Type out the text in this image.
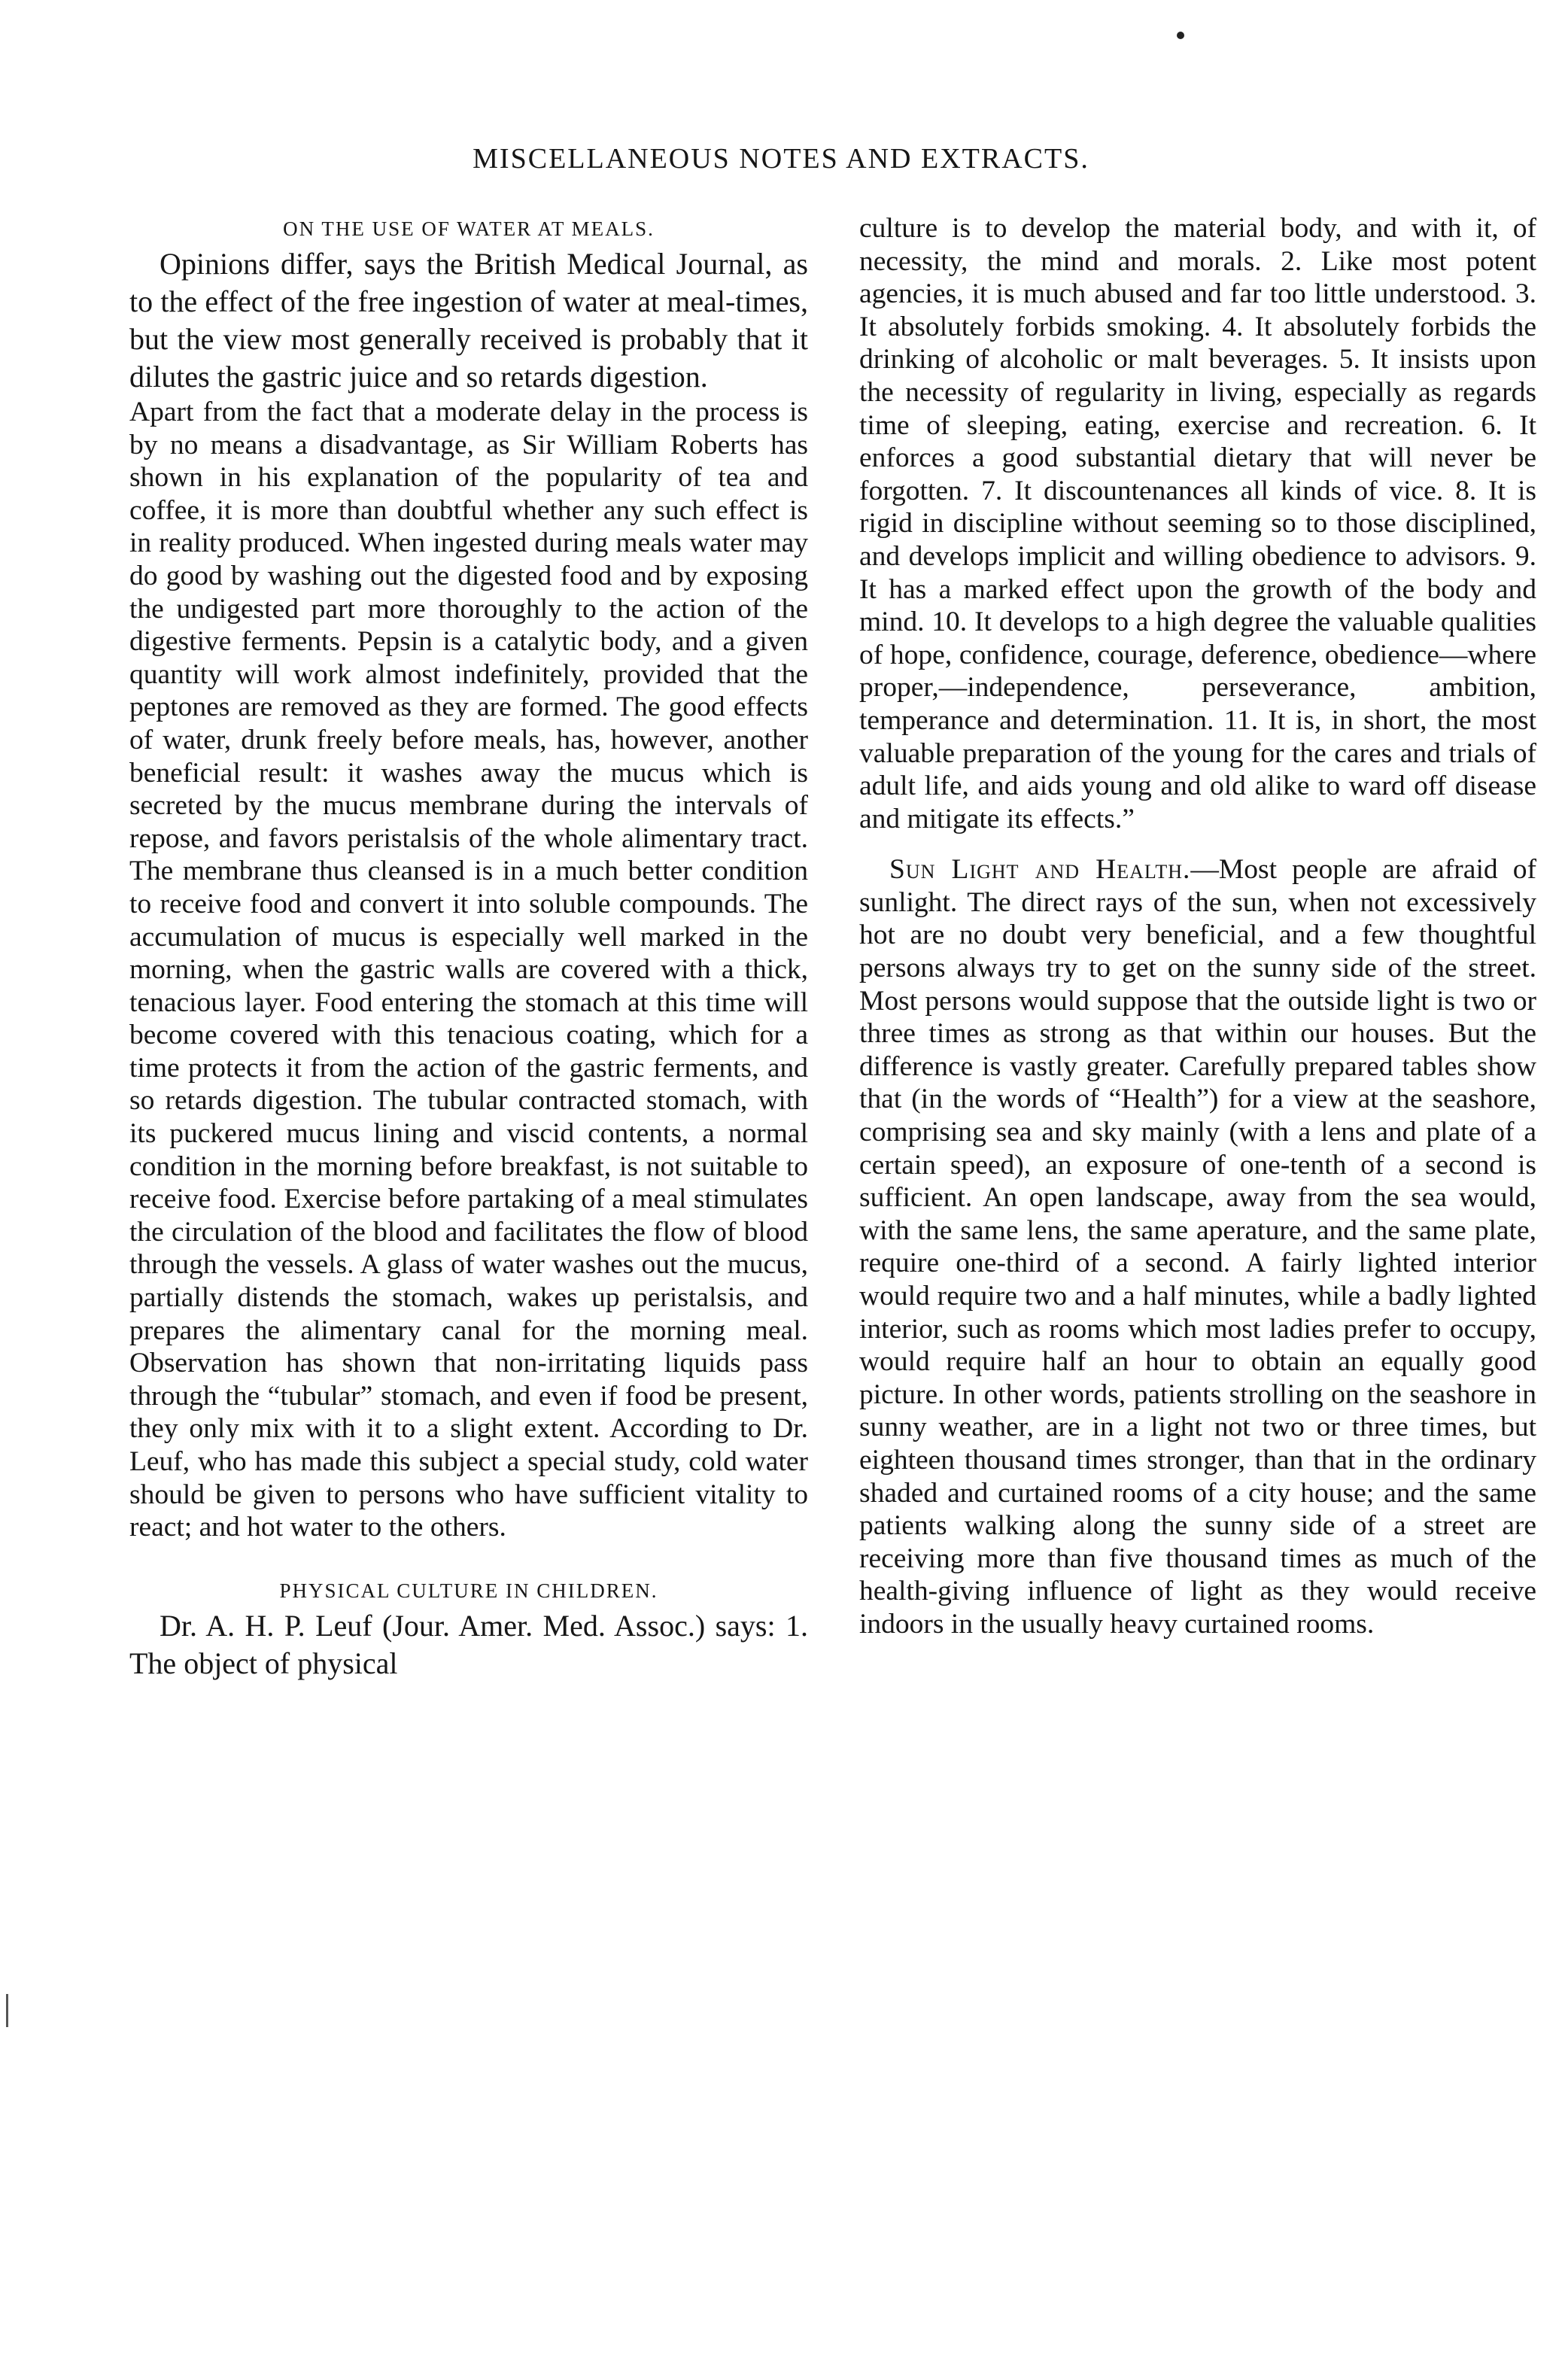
MISCELLANEOUS NOTES AND EXTRACTS.

ON THE USE OF WATER AT MEALS.

Opinions differ, says the British Medical Journal, as to the effect of the free ingestion of water at meal-times, but the view most generally received is probably that it dilutes the gastric juice and so retards digestion.

Apart from the fact that a moderate delay in the process is by no means a disadvantage, as Sir William Roberts has shown in his explanation of the popularity of tea and coffee, it is more than doubtful whether any such effect is in reality produced. When ingested during meals water may do good by washing out the digested food and by exposing the undigested part more thoroughly to the action of the digestive ferments. Pepsin is a catalytic body, and a given quantity will work almost indefinitely, provided that the peptones are removed as they are formed. The good effects of water, drunk freely before meals, has, however, another beneficial result: it washes away the mucus which is secreted by the mucus membrane during the intervals of repose, and favors peristalsis of the whole alimentary tract. The membrane thus cleansed is in a much better condition to receive food and convert it into soluble compounds. The accumulation of mucus is especially well marked in the morning, when the gastric walls are covered with a thick, tenacious layer. Food entering the stomach at this time will become covered with this tenacious coating, which for a time protects it from the action of the gastric ferments, and so retards digestion. The tubular contracted stomach, with its puckered mucus lining and viscid contents, a normal condition in the morning before breakfast, is not suitable to receive food. Exercise before partaking of a meal stimulates the circulation of the blood and facilitates the flow of blood through the vessels. A glass of water washes out the mucus, partially distends the stomach, wakes up peristalsis, and prepares the alimentary canal for the morning meal. Observation has shown that non-irritating liquids pass through the “tubular” stomach, and even if food be present, they only mix with it to a slight extent. According to Dr. Leuf, who has made this subject a special study, cold water should be given to persons who have sufficient vitality to react; and hot water to the others.

PHYSICAL CULTURE IN CHILDREN.

Dr. A. H. P. Leuf (Jour. Amer. Med. Assoc.) says: 1. The object of physical

culture is to develop the material body, and with it, of necessity, the mind and morals. 2. Like most potent agencies, it is much abused and far too little understood. 3. It absolutely forbids smoking. 4. It absolutely forbids the drinking of alcoholic or malt beverages. 5. It insists upon the necessity of regularity in living, especially as regards time of sleeping, eating, exercise and recreation. 6. It enforces a good substantial dietary that will never be forgotten. 7. It discountenances all kinds of vice. 8. It is rigid in discipline without seeming so to those disciplined, and develops implicit and willing obedience to advisors. 9. It has a marked effect upon the growth of the body and mind. 10. It develops to a high degree the valuable qualities of hope, confidence, courage, deference, obedience—where proper,—independence, perseverance, ambition, temperance and determination. 11. It is, in short, the most valuable preparation of the young for the cares and trials of adult life, and aids young and old alike to ward off disease and mitigate its effects.”

Sun Light and Health.—Most people are afraid of sunlight. The direct rays of the sun, when not excessively hot are no doubt very beneficial, and a few thoughtful persons always try to get on the sunny side of the street. Most persons would suppose that the outside light is two or three times as strong as that within our houses. But the difference is vastly greater. Carefully prepared tables show that (in the words of “Health”) for a view at the seashore, comprising sea and sky mainly (with a lens and plate of a certain speed), an exposure of one-tenth of a second is sufficient. An open landscape, away from the sea would, with the same lens, the same aperature, and the same plate, require one-third of a second. A fairly lighted interior would require two and a half minutes, while a badly lighted interior, such as rooms which most ladies prefer to occupy, would require half an hour to obtain an equally good picture. In other words, patients strolling on the seashore in sunny weather, are in a light not two or three times, but eighteen thousand times stronger, than that in the ordinary shaded and curtained rooms of a city house; and the same patients walking along the sunny side of a street are receiving more than five thousand times as much of the health-giving influence of light as they would receive indoors in the usually heavy curtained rooms.
